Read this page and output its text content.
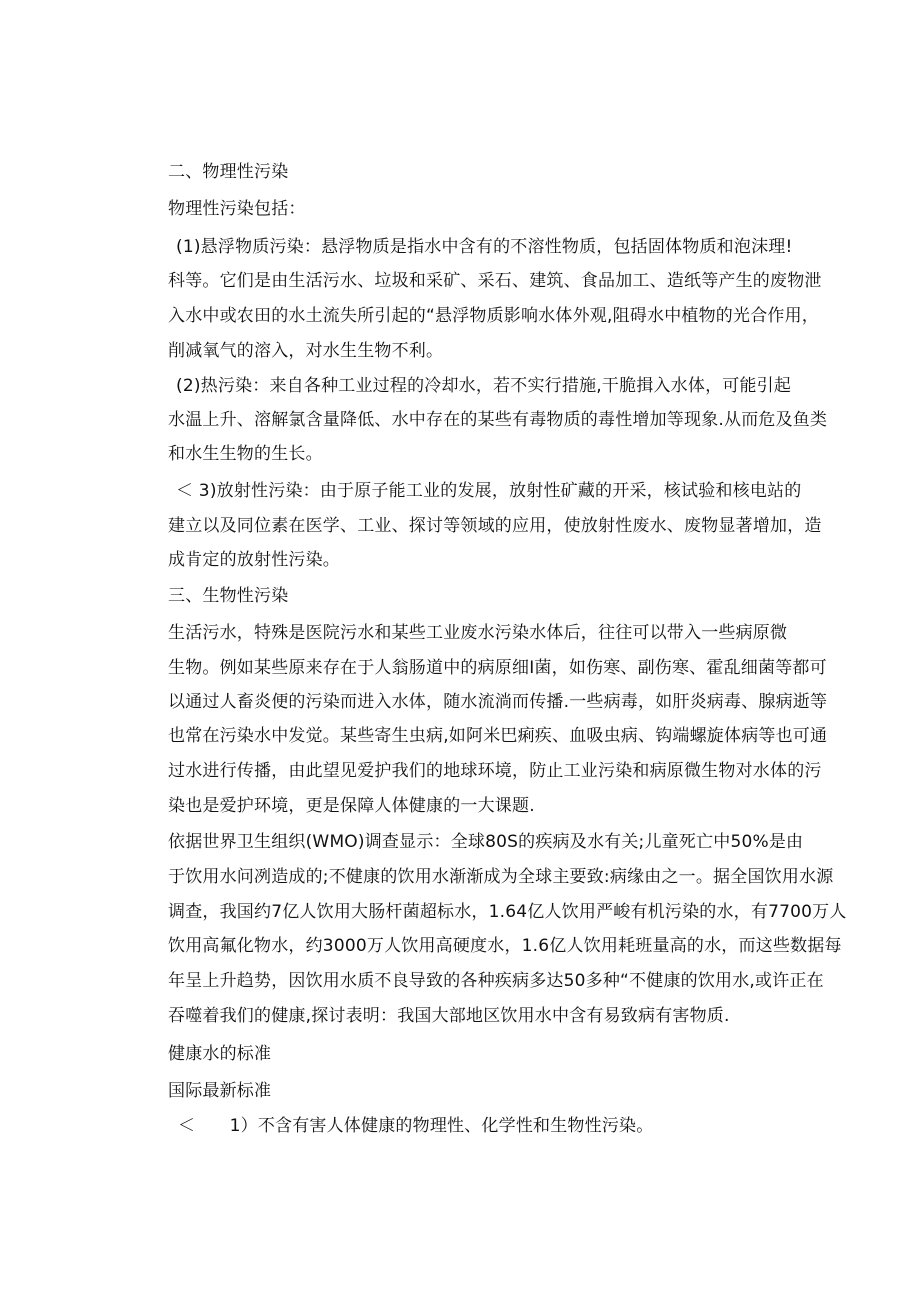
二、物理性污染
物理性污染包括：
(1)悬浮物质污染：悬浮物质是指水中含有的不溶性物质，包括固体物质和泡沫理!
科等。它们是由生活污水、垃圾和采矿、采石、建筑、食品加工、造纸等产生的废物泄
入水中或农田的水土流失所引起的“悬浮物质影响水体外观,阻碍水中植物的光合作用，
削减氧气的溶入，对水生生物不利。
(2)热污染：来自各种工业过程的冷却水，若不实行措施,干脆揖入水体，可能引起
水温上升、溶解氯含量降低、水中存在的某些有毒物质的毒性增加等现象.从而危及鱼类
和水生生物的生长。
＜ 3)放射性污染：由于原子能工业的发展，放射性矿藏的开采，核试验和核电站的
建立以及同位素在医学、工业、探讨等领域的应用，使放射性废水、废物显著增加，造
成肯定的放射性污染。
三、生物性污染
生活污水，特殊是医院污水和某些工业废水污染水体后，往往可以带入一些病原微
生物。例如某些原来存在于人翁肠道中的病原细Ⅰ菌，如伤寒、副伤寒、霍乱细菌等都可
以通过人畜炎便的污染而进入水体，随水流淌而传播.一些病毒，如肝炎病毒、腺病逝等
也常在污染水中发觉。某些寄生虫病,如阿米巴痢疾、血吸虫病、钩端螺旋体病等也可通
过水进行传播，由此望见爱护我们的地球环境，防止工业污染和病原微生物对水体的污
染也是爱护环境，更是保障人体健康的一大课题.
依据世界卫生组织(WMO)调查显示：全球80S的疾病及水有关;儿童死亡中50%是由
于饮用水问冽造成的;不健康的饮用水渐渐成为全球主要致:病缘由之一。据全国饮用水源
调查，我国约7亿人饮用大肠杆菌超标水，1.64亿人饮用严峻有机污染的水，有7700万人
饮用高氟化物水，约3000万人饮用高硬度水，1.6亿人饮用耗班量高的水，而这些数据每
年呈上升趋势，因饮用水质不良导致的各种疾病多达50多种“不健康的饮用水,或许正在
吞噬着我们的健康,探讨表明：我国大部地区饮用水中含有易致病有害物质.
健康水的标准
国际最新标准
＜　　1）不含有害人体健康的物理性、化学性和生物性污染。
